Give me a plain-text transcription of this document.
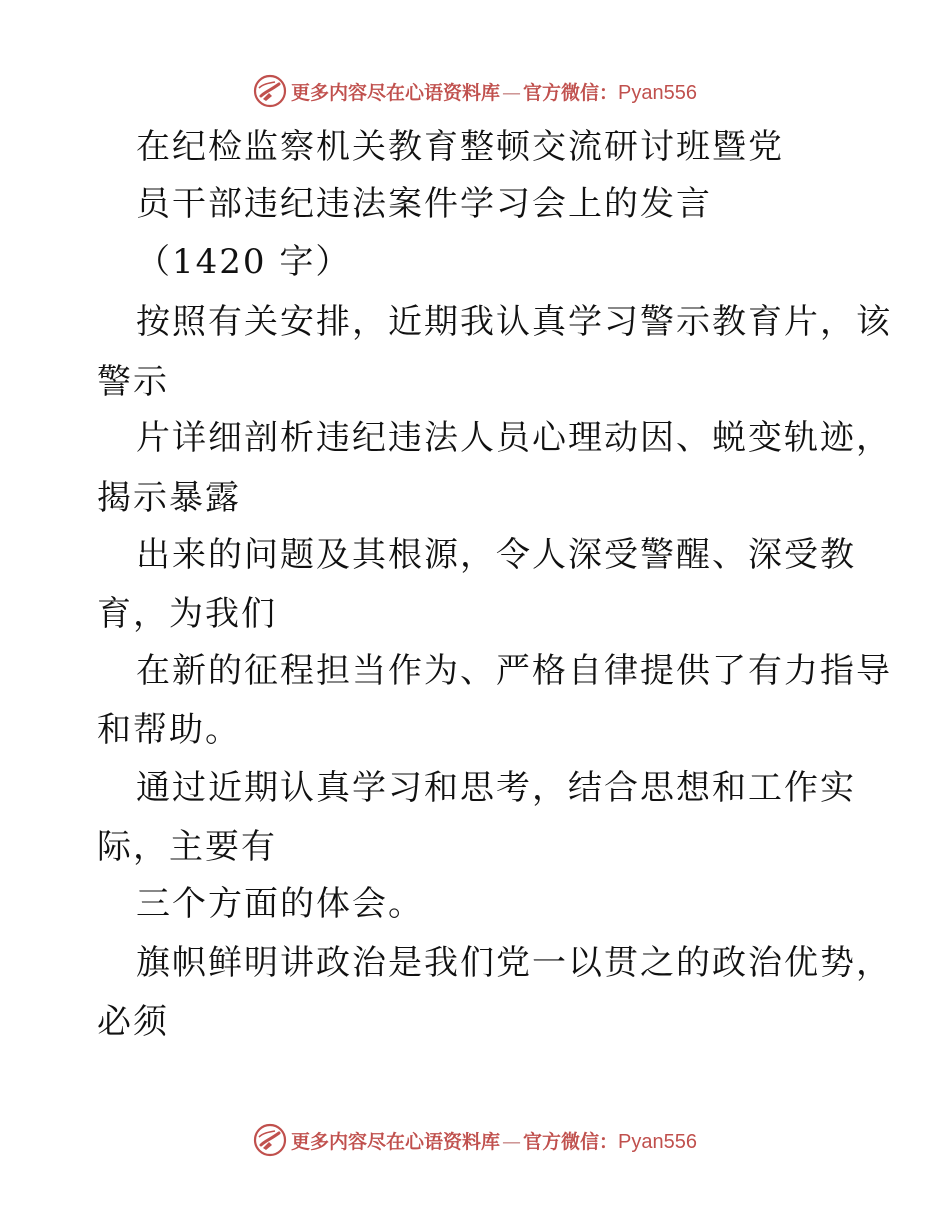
更多内容尽在心语资料库 — 官方微信：Pyan556
在纪检监察机关教育整顿交流研讨班暨党
员干部违纪违法案件学习会上的发言
（1420 字）
按照有关安排，近期我认真学习警示教育片，该
警示
片详细剖析违纪违法人员心理动因、蜕变轨迹，
揭示暴露
出来的问题及其根源，令人深受警醒、深受教
育，为我们
在新的征程担当作为、严格自律提供了有力指导
和帮助。
通过近期认真学习和思考，结合思想和工作实
际，主要有
三个方面的体会。
旗帜鲜明讲政治是我们党一以贯之的政治优势，
必须
更多内容尽在心语资料库 — 官方微信：Pyan556
